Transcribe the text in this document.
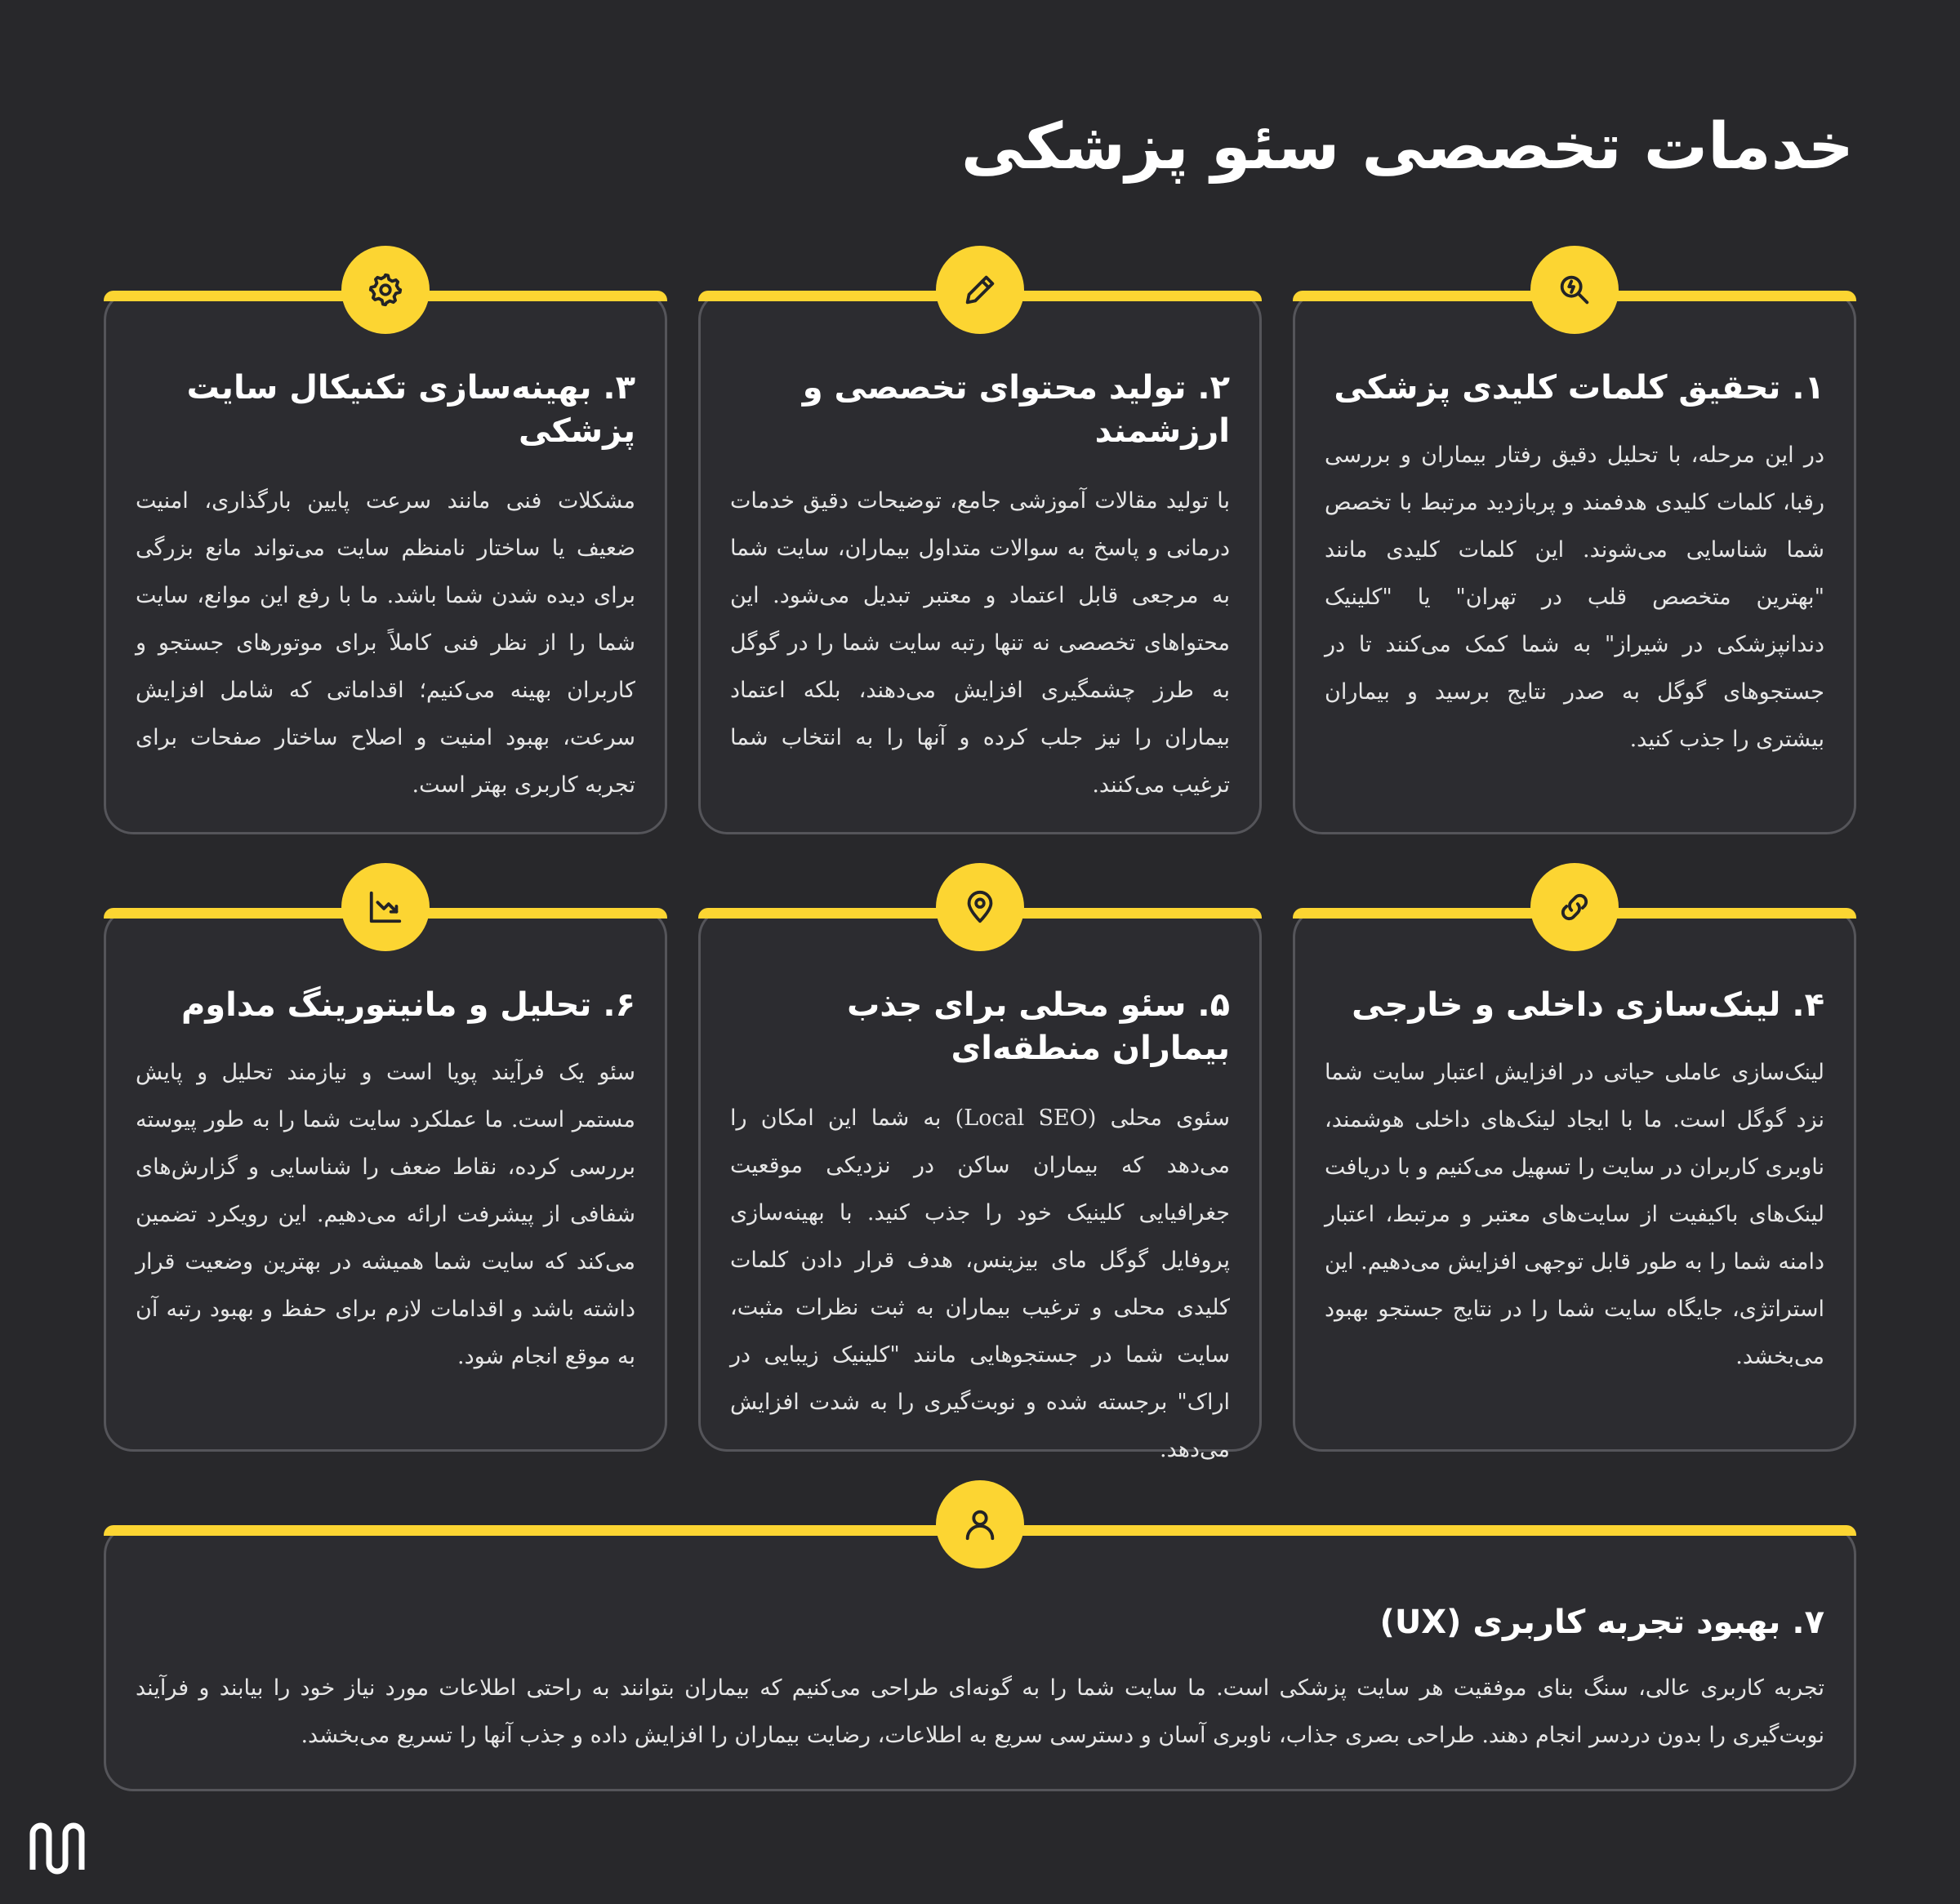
خدمات تخصصی سئو پزشکی
۱. تحقیق کلمات کلیدی پزشکی

در این مرحله، با تحلیل دقیق رفتار بیماران و بررسی رقبا، کلمات کلیدی هدفمند و پربازدید مرتبط با تخصص شما شناسایی می‌شوند. این کلمات کلیدی مانند "بهترین متخصص قلب در تهران" یا "کلینیک دندانپزشکی در شیراز" به شما کمک می‌کنند تا در جستجوهای گوگل به صدر نتایج برسید و بیماران بیشتری را جذب کنید.

۲. تولید محتوای تخصصی و ارزشمند

با تولید مقالات آموزشی جامع، توضیحات دقیق خدمات درمانی و پاسخ به سوالات متداول بیماران، سایت شما به مرجعی قابل اعتماد و معتبر تبدیل می‌شود. این محتواهای تخصصی نه تنها رتبه سایت شما را در گوگل به طرز چشمگیری افزایش می‌دهند، بلکه اعتماد بیماران را نیز جلب کرده و آنها را به انتخاب شما ترغیب می‌کنند.

۳. بهینه‌سازی تکنیکال سایت پزشکی

مشکلات فنی مانند سرعت پایین بارگذاری، امنیت ضعیف یا ساختار نامنظم سایت می‌تواند مانع بزرگی برای دیده شدن شما باشد. ما با رفع این موانع، سایت شما را از نظر فنی کاملاً برای موتورهای جستجو و کاربران بهینه می‌کنیم؛ اقداماتی که شامل افزایش سرعت، بهبود امنیت و اصلاح ساختار صفحات برای تجربه کاربری بهتر است.

۴. لینک‌سازی داخلی و خارجی

لینک‌سازی عاملی حیاتی در افزایش اعتبار سایت شما نزد گوگل است. ما با ایجاد لینک‌های داخلی هوشمند، ناوبری کاربران در سایت را تسهیل می‌کنیم و با دریافت لینک‌های باکیفیت از سایت‌های معتبر و مرتبط، اعتبار دامنه شما را به طور قابل توجهی افزایش می‌دهیم. این استراتژی، جایگاه سایت شما را در نتایج جستجو بهبود می‌بخشد.

۵. سئو محلی برای جذب بیماران منطقه‌ای

سئوی محلی (Local SEO) به شما این امکان را می‌دهد که بیماران ساکن در نزدیکی موقعیت جغرافیایی کلینیک خود را جذب کنید. با بهینه‌سازی پروفایل گوگل مای بیزینس، هدف قرار دادن کلمات کلیدی محلی و ترغیب بیماران به ثبت نظرات مثبت، سایت شما در جستجوهایی مانند "کلینیک زیبایی در اراک" برجسته شده و نوبت‌گیری را به شدت افزایش می‌دهد.

۶. تحلیل و مانیتورینگ مداوم

سئو یک فرآیند پویا است و نیازمند تحلیل و پایش مستمر است. ما عملکرد سایت شما را به طور پیوسته بررسی کرده، نقاط ضعف را شناسایی و گزارش‌های شفافی از پیشرفت ارائه می‌دهیم. این رویکرد تضمین می‌کند که سایت شما همیشه در بهترین وضعیت قرار داشته باشد و اقدامات لازم برای حفظ و بهبود رتبه آن به موقع انجام شود.

۷. بهبود تجربه کاربری (UX)

تجربه کاربری عالی، سنگ بنای موفقیت هر سایت پزشکی است. ما سایت شما را به گونه‌ای طراحی می‌کنیم که بیماران بتوانند به راحتی اطلاعات مورد نیاز خود را بیابند و فرآیند نوبت‌گیری را بدون دردسر انجام دهند. طراحی بصری جذاب، ناوبری آسان و دسترسی سریع به اطلاعات، رضایت بیماران را افزایش داده و جذب آنها را تسریع می‌بخشد.
